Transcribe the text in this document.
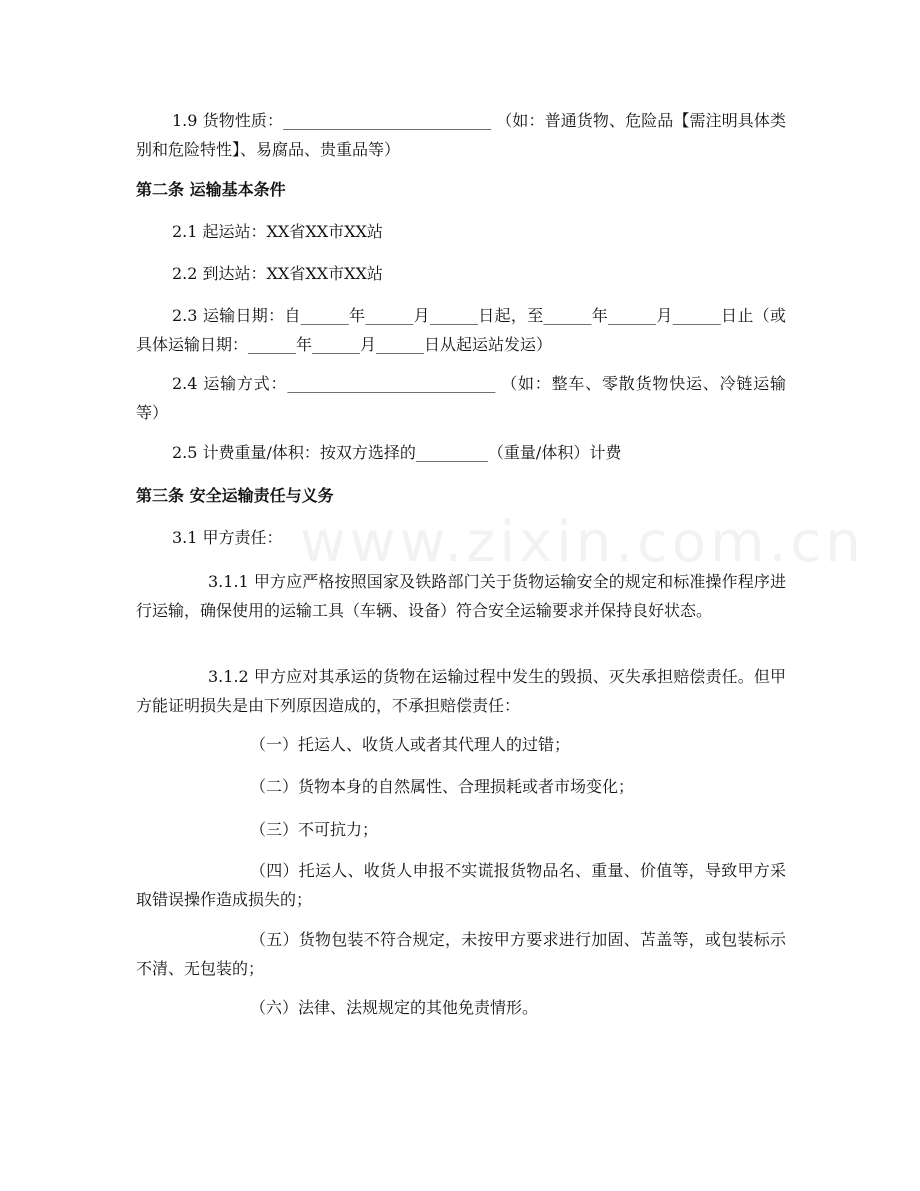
www.zixin.com.cn

1.9 货物性质：__________________________ （如：普通货物、危险品【需注明具体类别和危险特性】、易腐品、贵重品等）

第二条 运输基本条件

2.1 起运站：XX省XX市XX站

2.2 到达站：XX省XX市XX站

2.3 运输日期：自______年______月______日起，至______年______月______日止（或具体运输日期：______年______月______日从起运站发运）

2.4 运输方式：__________________________ （如：整车、零散货物快运、冷链运输等）

2.5 计费重量/体积：按双方选择的_________（重量/体积）计费

第三条 安全运输责任与义务

3.1 甲方责任：

3.1.1 甲方应严格按照国家及铁路部门关于货物运输安全的规定和标准操作程序进行运输，确保使用的运输工具（车辆、设备）符合安全运输要求并保持良好状态。

3.1.2 甲方应对其承运的货物在运输过程中发生的毁损、灭失承担赔偿责任。但甲方能证明损失是由下列原因造成的，不承担赔偿责任：

（一）托运人、收货人或者其代理人的过错；

（二）货物本身的自然属性、合理损耗或者市场变化；

（三）不可抗力；

（四）托运人、收货人申报不实谎报货物品名、重量、价值等，导致甲方采取错误操作造成损失的；

（五）货物包装不符合规定，未按甲方要求进行加固、苫盖等，或包装标示不清、无包装的；

（六）法律、法规规定的其他免责情形。
